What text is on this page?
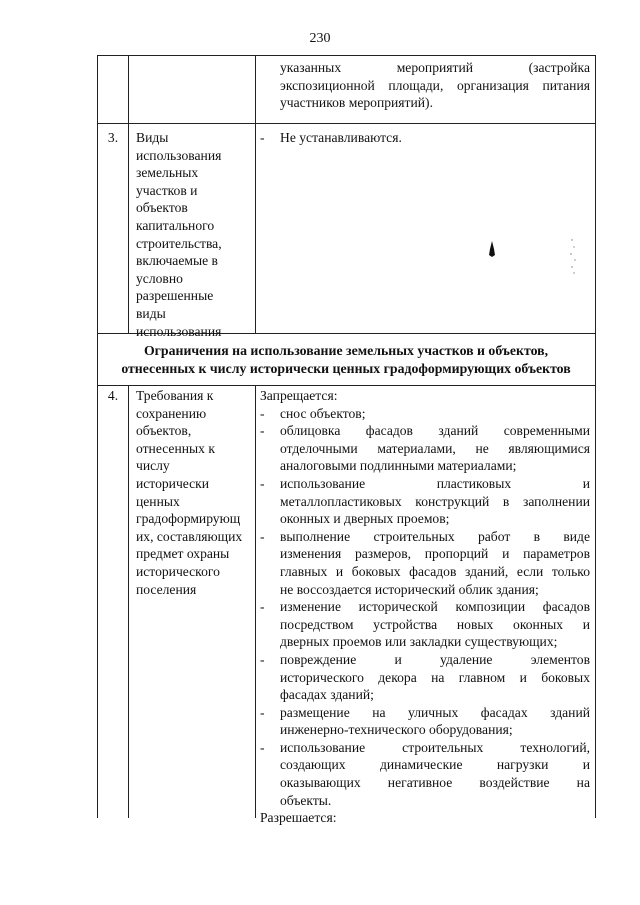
230
указанных мероприятий (застройка
экспозиционной площади, организация питания
участников мероприятий).
3.	Виды
использования
земельных
участков и
объектов
капитального
строительства,
включаемые в
условно
разрешенные
виды
использования
- Не устанавливаются.
Ограничения на использование земельных участков и объектов,
отнесенных к числу исторически ценных градоформирующих объектов
4.	Требования к
сохранению
объектов,
отнесенных к
числу
исторически
ценных
градоформирующ
их, составляющих
предмет охраны
исторического
поселения
Запрещается:
- снос объектов;
- облицовка фасадов зданий современными
отделочными материалами, не являющимися
аналоговыми подлинными материалами;
- использование пластиковых и
металлопластиковых конструкций в заполнении
оконных и дверных проемов;
- выполнение строительных работ в виде
изменения размеров, пропорций и параметров
главных и боковых фасадов зданий, если только
не воссоздается исторический облик здания;
- изменение исторической композиции фасадов
посредством устройства новых оконных и
дверных проемов или закладки существующих;
- повреждение и удаление элементов
исторического декора на главном и боковых
фасадах зданий;
- размещение на уличных фасадах зданий
инженерно-технического оборудования;
- использование строительных технологий,
создающих динамические нагрузки и
оказывающих негативное воздействие на
объекты.
Разрешается:
